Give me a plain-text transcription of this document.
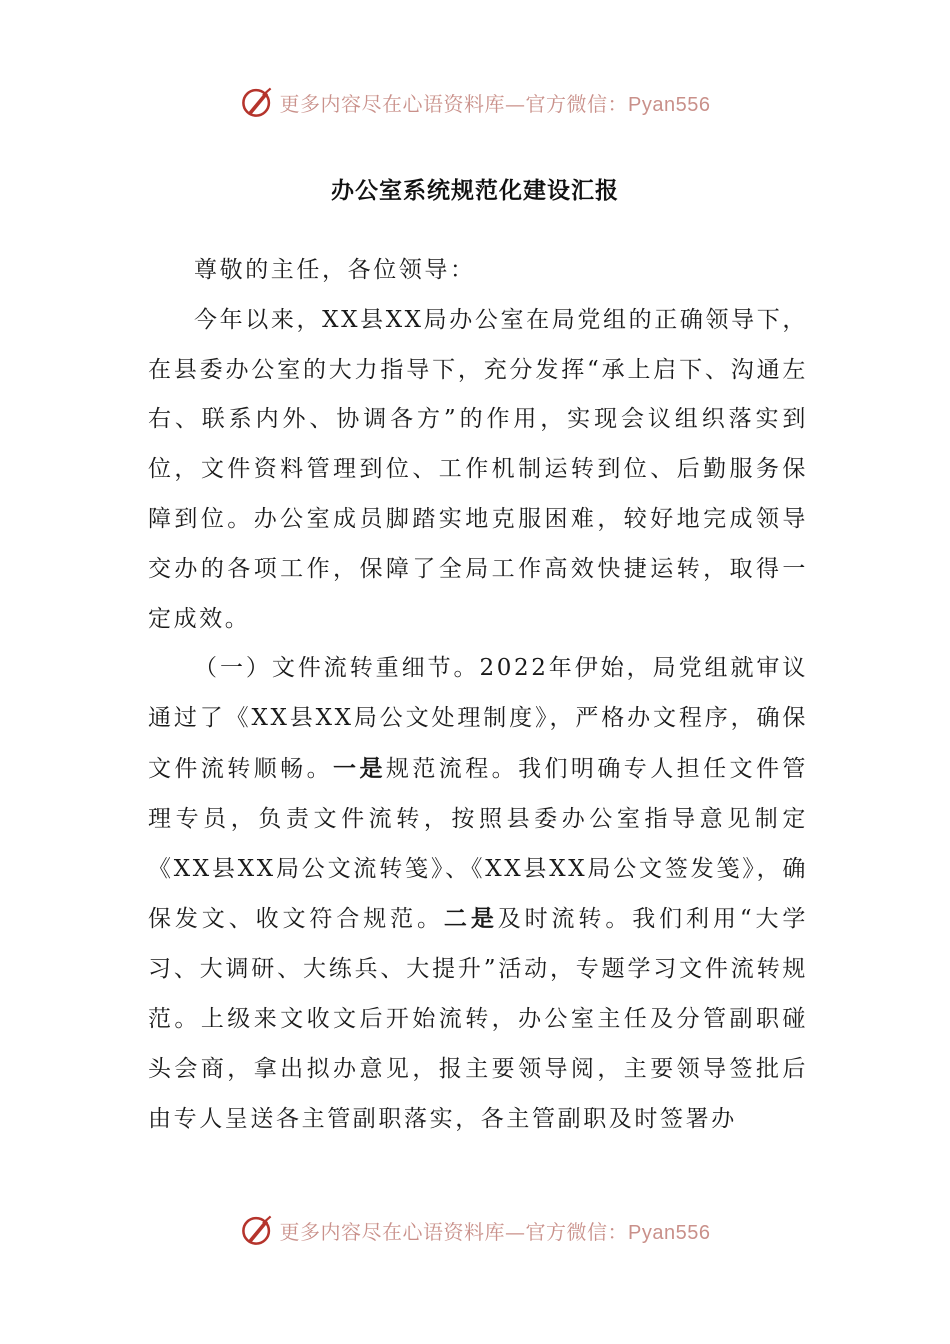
更多内容尽在心语资料库—官方微信：Pyan556
办公室系统规范化建设汇报

尊敬的主任，各位领导：

今年以来，XX县XX局办公室在局党组的正确领导下，在县委办公室的大力指导下，充分发挥“承上启下、沟通左右、联系内外、协调各方”的作用，实现会议组织落实到位，文件资料管理到位、工作机制运转到位、后勤服务保障到位。办公室成员脚踏实地克服困难，较好地完成领导交办的各项工作，保障了全局工作高效快捷运转，取得一定成效。

（一）文件流转重细节。2022年伊始，局党组就审议通过了《XX县XX局公文处理制度》，严格办文程序，确保文件流转顺畅。一是规范流程。我们明确专人担任文件管理专员，负责文件流转，按照县委办公室指导意见制定《XX县XX局公文流转笺》、《XX县XX局公文签发笺》，确保发文、收文符合规范。二是及时流转。我们利用“大学习、大调研、大练兵、大提升”活动，专题学习文件流转规范。上级来文收文后开始流转，办公室主任及分管副职碰头会商，拿出拟办意见，报主要领导阅，主要领导签批后由专人呈送各主管副职落实，各主管副职及时签署办

更多内容尽在心语资料库—官方微信：Pyan556
